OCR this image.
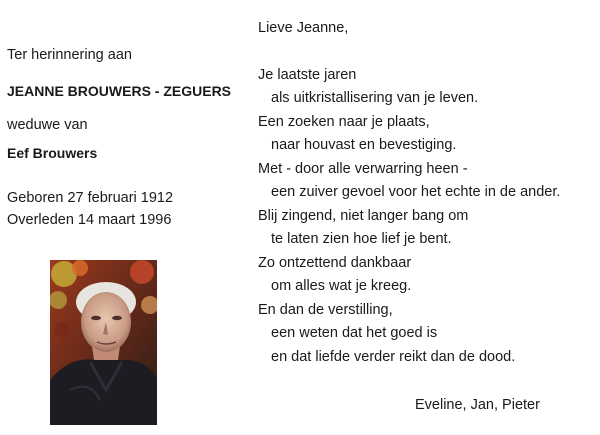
Ter herinnering aan
JEANNE BROUWERS - ZEGUERS
weduwe van
Eef Brouwers
Geboren 27 februari 1912
Overleden 14 maart 1996
Lieve Jeanne,
Je laatste jaren
als uitkristallisering van je leven.
Een zoeken naar je plaats,
naar houvast en bevestiging.
Met - door alle verwarring heen -
een zuiver gevoel voor het echte in de ander.
Blij zingend, niet langer bang om
te laten zien hoe lief je bent.
Zo ontzettend dankbaar
om alles wat je kreeg.
En dan de verstilling,
een weten dat het goed is
en dat liefde verder reikt dan de dood.
Eveline, Jan, Pieter
